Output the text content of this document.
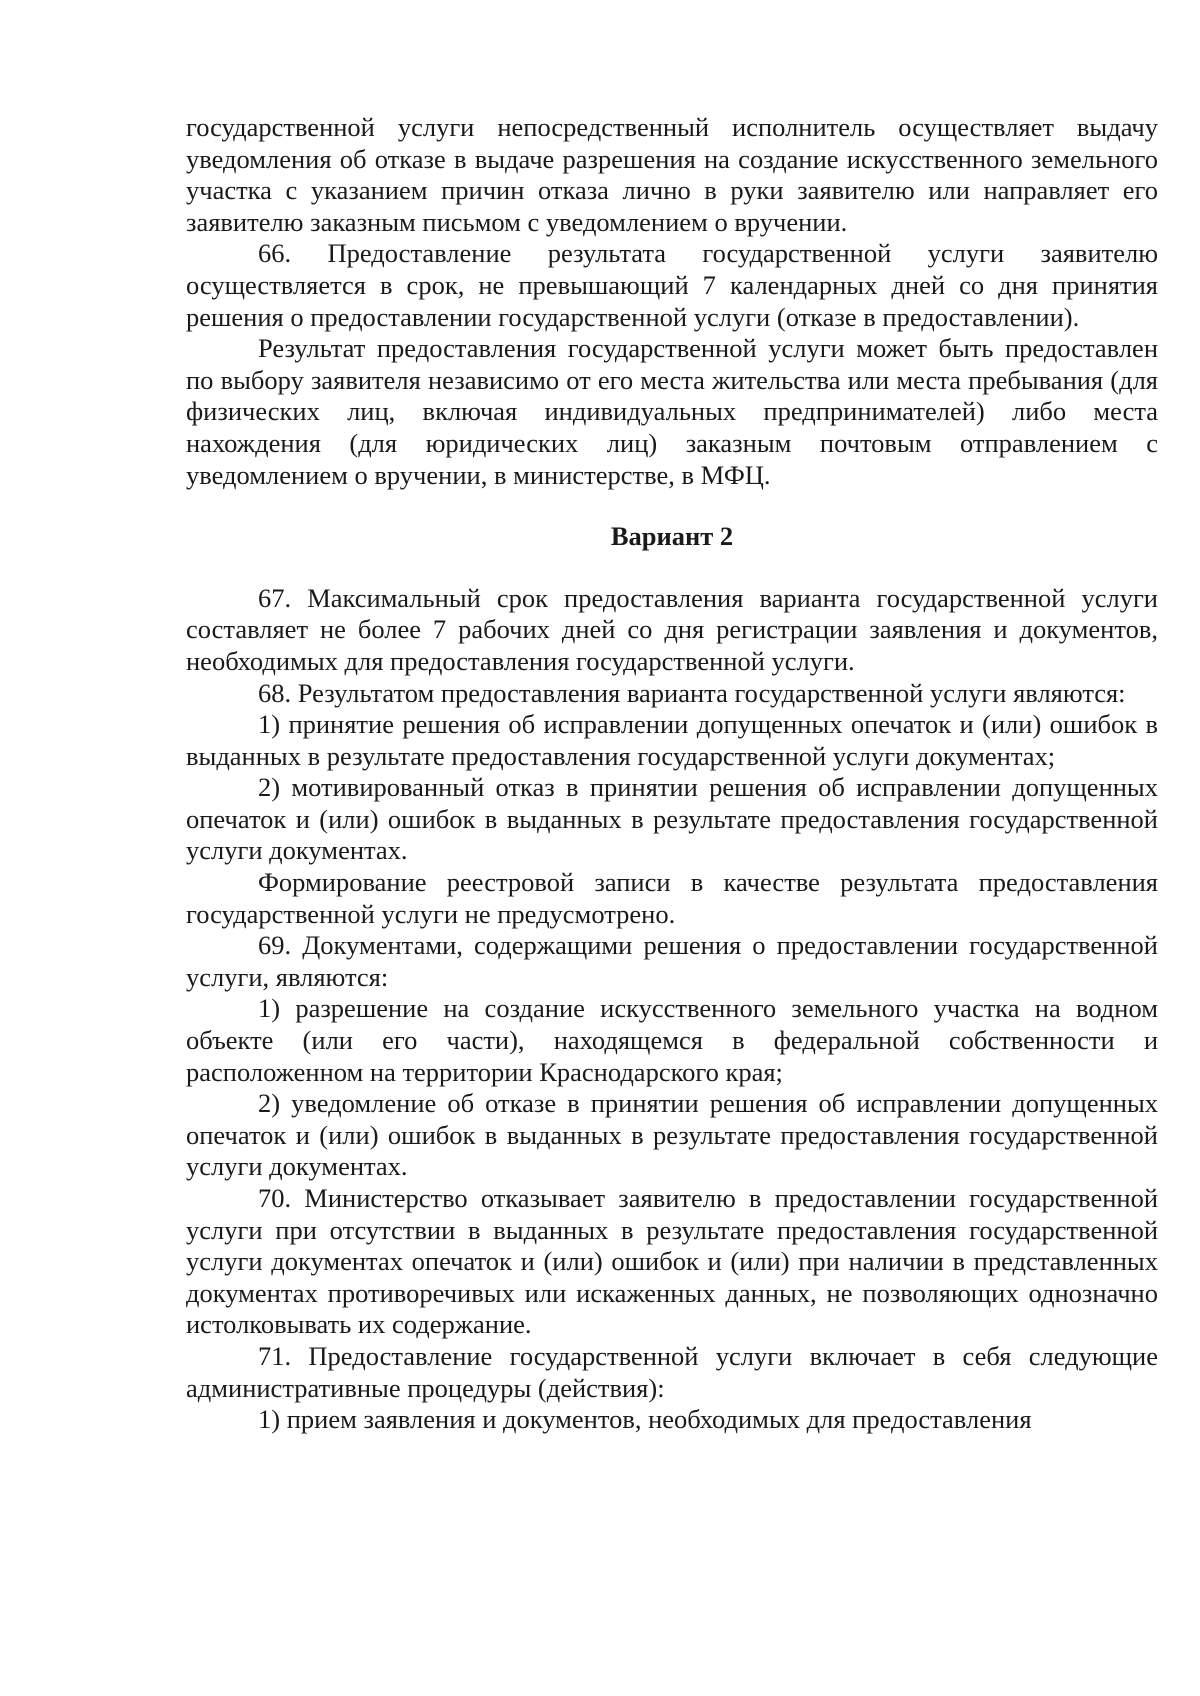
государственной услуги непосредственный исполнитель осуществляет выдачу уведомления об отказе в выдаче разрешения на создание искусственного земельного участка с указанием причин отказа лично в руки заявителю или направляет его заявителю заказным письмом с уведомлением о вручении.

66. Предоставление результата государственной услуги заявителю осуществляется в срок, не превышающий 7 календарных дней со дня принятия решения о предоставлении государственной услуги (отказе в предоставлении).

Результат предоставления государственной услуги может быть предоставлен по выбору заявителя независимо от его места жительства или места пребывания (для физических лиц, включая индивидуальных предпринимателей) либо места нахождения (для юридических лиц) заказным почтовым отправлением с уведомлением о вручении, в министерстве, в МФЦ.

Вариант 2

67. Максимальный срок предоставления варианта государственной услуги составляет не более 7 рабочих дней со дня регистрации заявления и документов, необходимых для предоставления государственной услуги.

68. Результатом предоставления варианта государственной услуги являются:

1) принятие решения об исправлении допущенных опечаток и (или) ошибок в выданных в результате предоставления государственной услуги документах;

2) мотивированный отказ в принятии решения об исправлении допущенных опечаток и (или) ошибок в выданных в результате предоставления государственной услуги документах.

Формирование реестровой записи в качестве результата предоставления государственной услуги не предусмотрено.

69. Документами, содержащими решения о предоставлении государственной услуги, являются:

1) разрешение на создание искусственного земельного участка на водном объекте (или его части), находящемся в федеральной собственности и расположенном на территории Краснодарского края;

2) уведомление об отказе в принятии решения об исправлении допущенных опечаток и (или) ошибок в выданных в результате предоставления государственной услуги документах.

70. Министерство отказывает заявителю в предоставлении государственной услуги при отсутствии в выданных в результате предоставления государственной услуги документах опечаток и (или) ошибок и (или) при наличии в представленных документах противоречивых или искаженных данных, не позволяющих однозначно истолковывать их содержание.

71. Предоставление государственной услуги включает в себя следующие административные процедуры (действия):

1) прием заявления и документов, необходимых для предоставления
